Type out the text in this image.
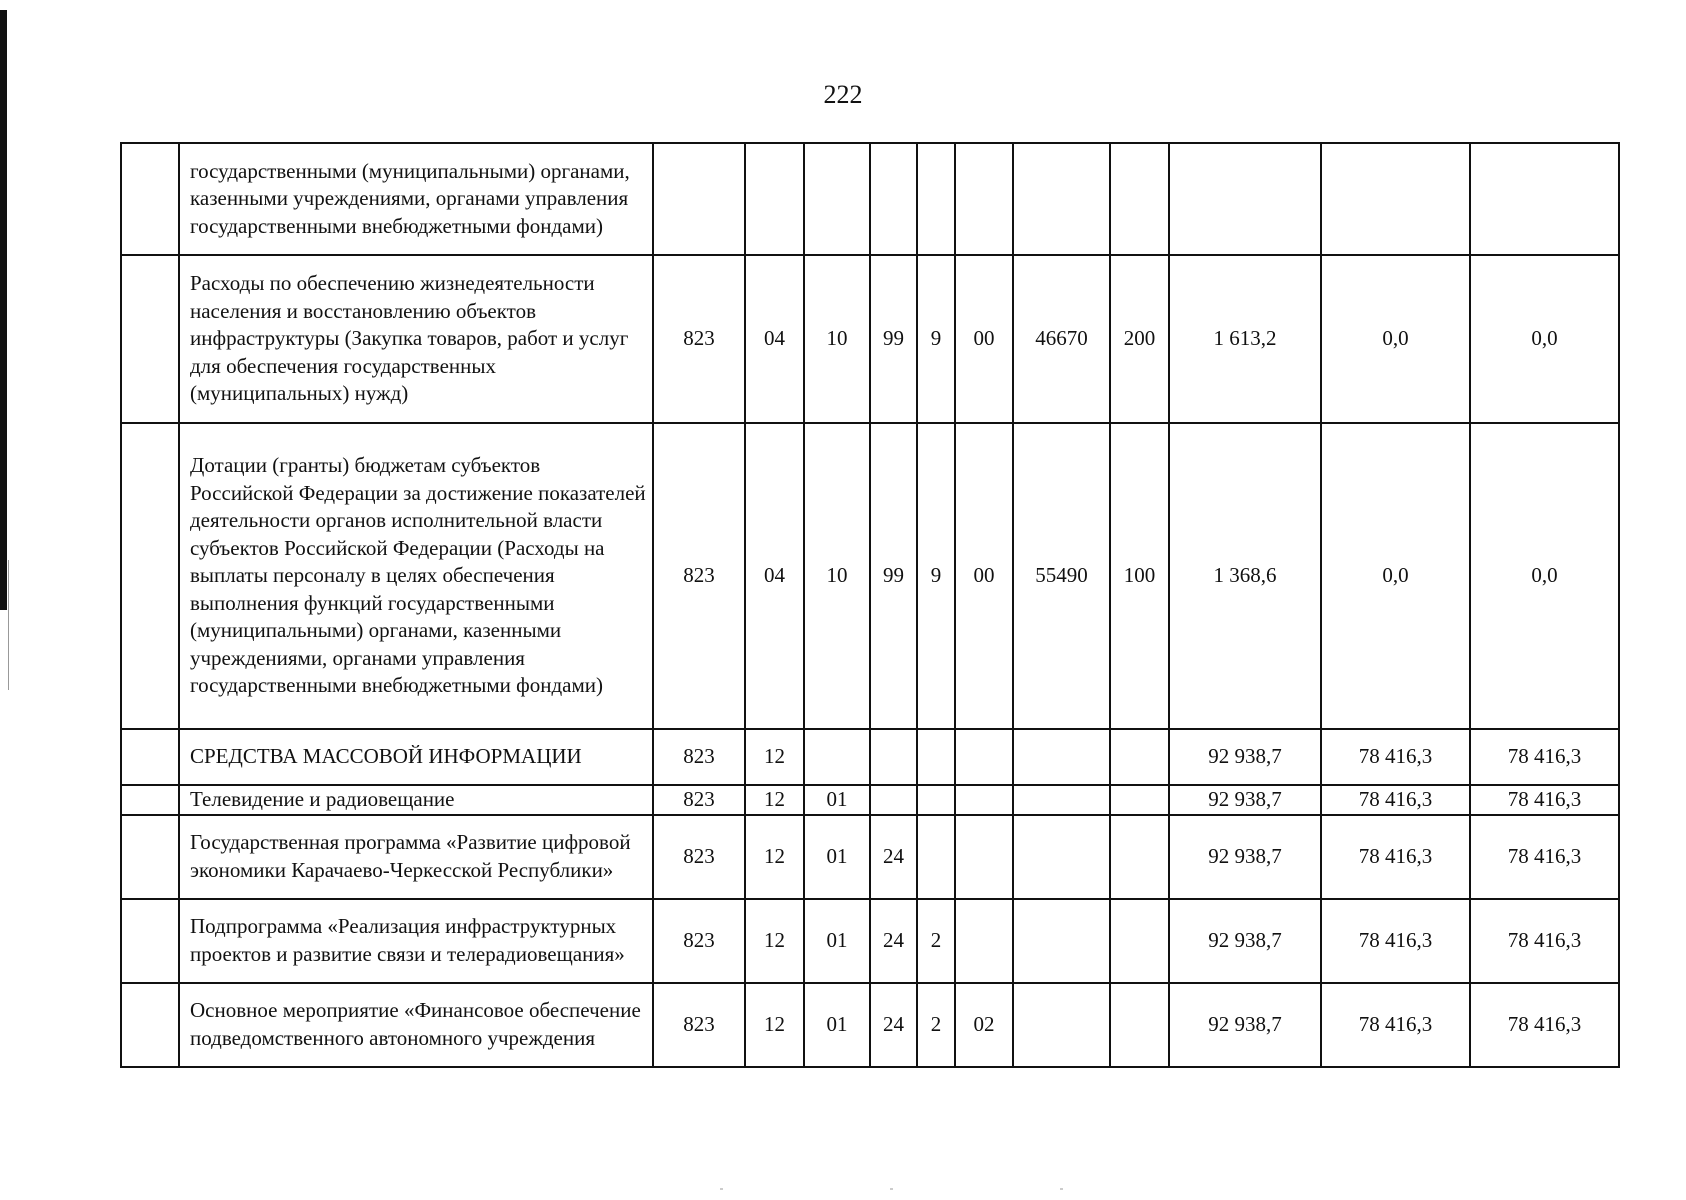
222
	государственными (муниципальными) органами, казенными учреждениями, органами управления государственными внебюджетными фондами)											
	Расходы по обеспечению жизнедеятельности населения и восстановлению объектов инфраструктуры (Закупка товаров, работ и услуг для обеспечения государственных (муниципальных) нужд)	823	04	10	99	9	00	46670	200	1 613,2	0,0	0,0
	Дотации (гранты) бюджетам субъектов Российской Федерации за достижение показателей деятельности органов исполнительной власти субъектов Российской Федерации (Расходы на выплаты персоналу в целях обеспечения выполнения функций государственными (муниципальными) органами, казенными учреждениями, органами управления государственными внебюджетными фондами)	823	04	10	99	9	00	55490	100	1 368,6	0,0	0,0
	СРЕДСТВА МАССОВОЙ ИНФОРМАЦИИ	823	12							92 938,7	78 416,3	78 416,3
	Телевидение и радиовещание	823	12	01						92 938,7	78 416,3	78 416,3
	Государственная программа «Развитие цифровой экономики Карачаево-Черкесской Республики»	823	12	01	24					92 938,7	78 416,3	78 416,3
	Подпрограмма «Реализация инфраструктурных проектов и развитие связи и телерадиовещания»	823	12	01	24	2				92 938,7	78 416,3	78 416,3
	Основное мероприятие «Финансовое обеспечение подведомственного автономного учреждения	823	12	01	24	2	02			92 938,7	78 416,3	78 416,3
